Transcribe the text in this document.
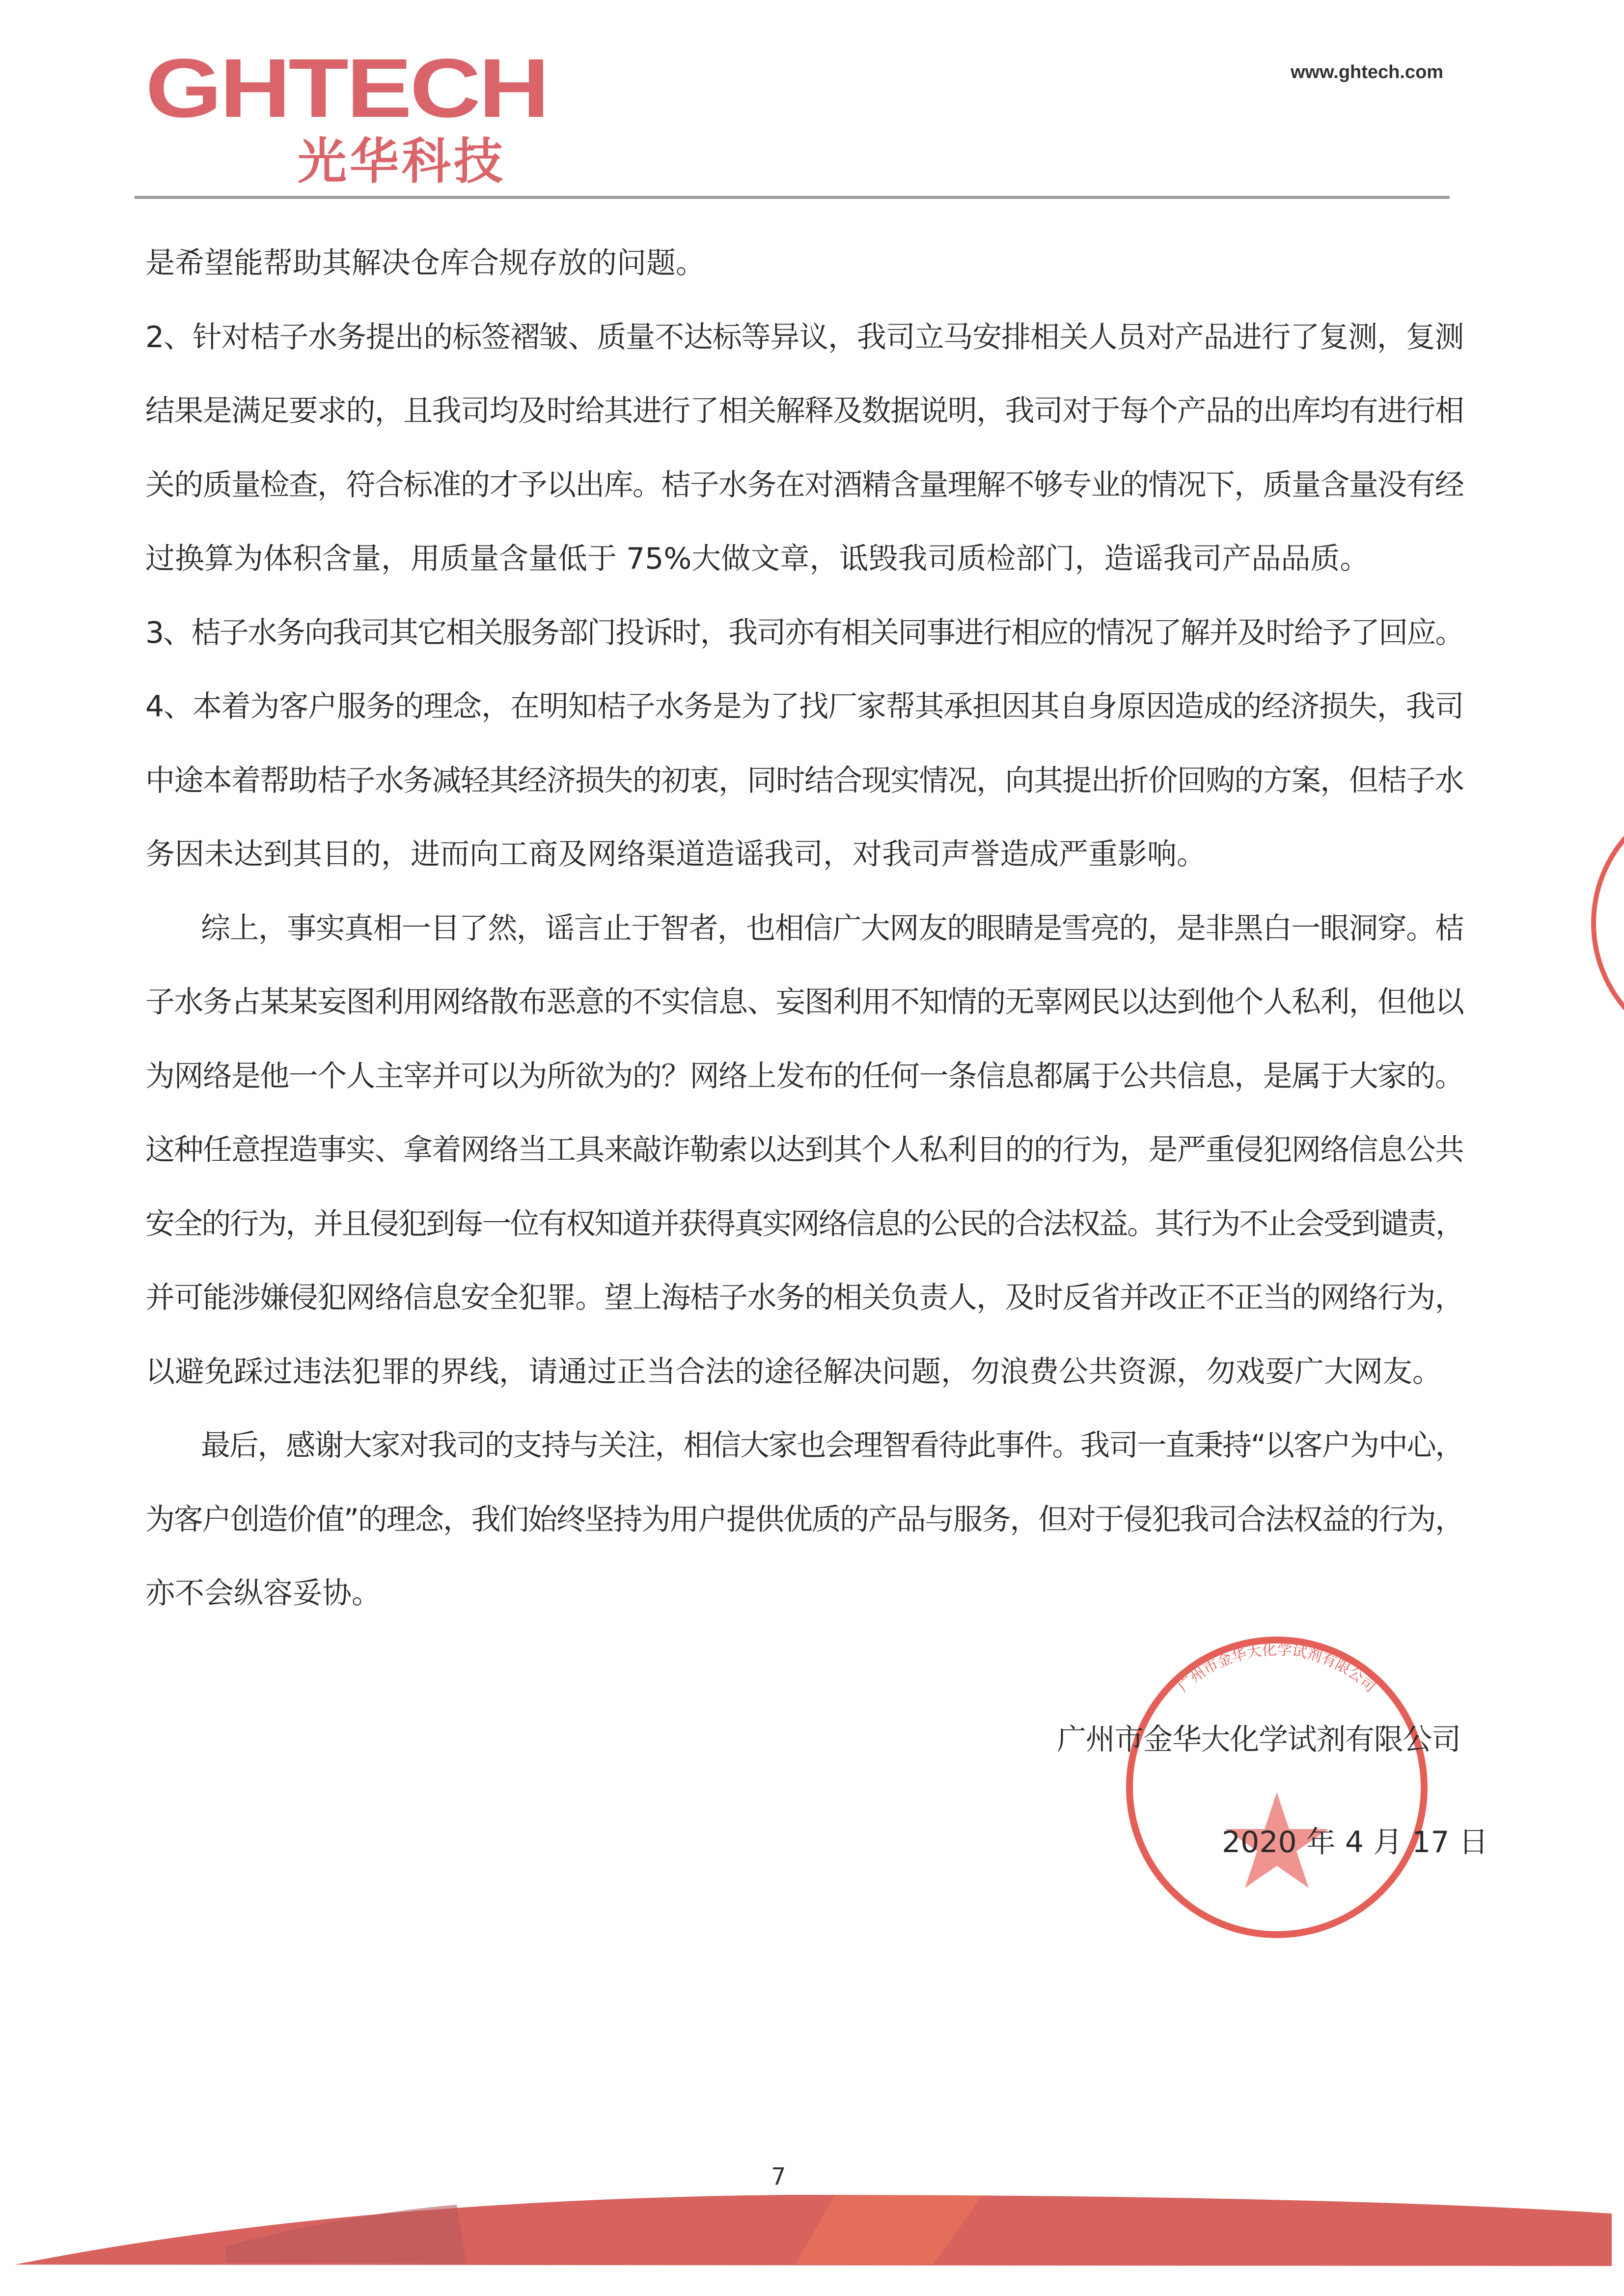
GHTECH
光华科技
www.ghtech.com
是希望能帮助其解决仓库合规存放的问题。
2、针对桔子水务提出的标签褶皱、质量不达标等异议，我司立马安排相关人员对产品进行了复测，复测
结果是满足要求的，且我司均及时给其进行了相关解释及数据说明，我司对于每个产品的出库均有进行相
关的质量检查，符合标准的才予以出库。桔子水务在对酒精含量理解不够专业的情况下，质量含量没有经
过换算为体积含量，用质量含量低于 75%大做文章，诋毁我司质检部门，造谣我司产品品质。
3、桔子水务向我司其它相关服务部门投诉时，我司亦有相关同事进行相应的情况了解并及时给予了回应。
4、本着为客户服务的理念，在明知桔子水务是为了找厂家帮其承担因其自身原因造成的经济损失，我司
中途本着帮助桔子水务减轻其经济损失的初衷，同时结合现实情况，向其提出折价回购的方案，但桔子水
务因未达到其目的，进而向工商及网络渠道造谣我司，对我司声誉造成严重影响。
综上，事实真相一目了然，谣言止于智者，也相信广大网友的眼睛是雪亮的，是非黑白一眼洞穿。桔
子水务占某某妄图利用网络散布恶意的不实信息、妄图利用不知情的无辜网民以达到他个人私利，但他以
为网络是他一个人主宰并可以为所欲为的？网络上发布的任何一条信息都属于公共信息，是属于大家的。
这种任意捏造事实、拿着网络当工具来敲诈勒索以达到其个人私利目的的行为，是严重侵犯网络信息公共
安全的行为，并且侵犯到每一位有权知道并获得真实网络信息的公民的合法权益。其行为不止会受到谴责，
并可能涉嫌侵犯网络信息安全犯罪。望上海桔子水务的相关负责人，及时反省并改正不正当的网络行为，
以避免踩过违法犯罪的界线，请通过正当合法的途径解决问题，勿浪费公共资源，勿戏耍广大网友。
最后，感谢大家对我司的支持与关注，相信大家也会理智看待此事件。我司一直秉持“以客户为中心，
为客户创造价值”的理念，我们始终坚持为用户提供优质的产品与服务，但对于侵犯我司合法权益的行为，
亦不会纵容妥协。
广州市金华大化学试剂有限公司
广州市金华大化学试剂有限公司
2020 年 4 月 17 日
7
